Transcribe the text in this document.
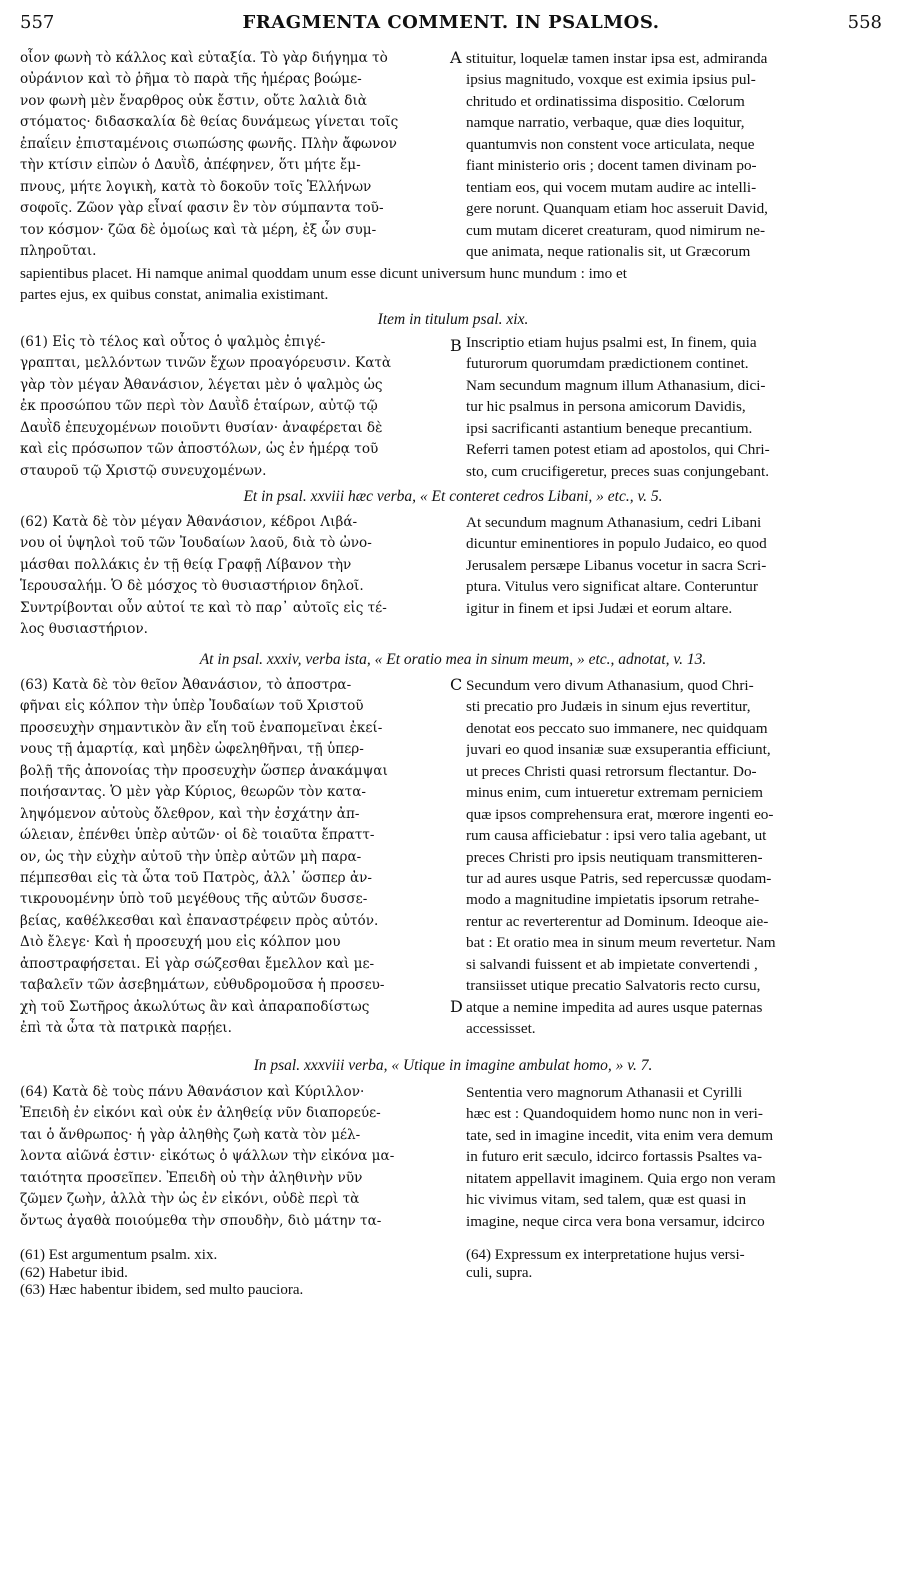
557	FRAGMENTA COMMENT. IN PSALMOS.	558
οἷον φωνὴ τὸ κάλλος καὶ εὐταξία. Τὸ γὰρ διήγημα τὸ
οὐράνιον καὶ τὸ ῥῆμα τὸ παρὰ τῆς ἡμέρας βοώμε-
νον φωνὴ μὲν ἔναρθρος οὐκ ἔστιν, οὔτε λαλιὰ διὰ
στόματος· διδασκαλία δὲ θείας δυνάμεως γίνεται τοῖς
ἐπαΐειν ἐπισταμένοις σιωπώσης φωνῆς. Πλὴν ἄφωνον
τὴν κτίσιν εἰπὼν ὁ Δαυῒδ, ἀπέφηνεν, ὅτι μήτε ἔμ-
πνους, μήτε λογικὴ, κατὰ τὸ δοκοῦν τοῖς Ἑλλήνων
σοφοῖς. Ζῶον γὰρ εἶναί φασιν ἓν τὸν σύμπαντα τοῦ-
τον κόσμον· ζῶα δὲ ὁμοίως καὶ τὰ μέρη, ἐξ ὧν συμ-
πληροῦται.
A stituitur, loquelæ tamen instar ipsa est, admiranda
ipsius magnitudo, voxque est eximia ipsius pul-
chritudo et ordinatissima dispositio. Cœlorum
namque narratio, verbaque, quæ dies loquitur,
quantumvis non constent voce articulata, neque
fiant ministerio oris ; docent tamen divinam po-
tentiam eos, qui vocem mutam audire ac intelli-
gere norunt. Quanquam etiam hoc asseruit David,
cum mutam diceret creaturam, quod nimirum ne-
que animata, neque rationalis sit, ut Græcorum
sapientibus placet. Hi namque animal quoddam unum esse dicunt universum hunc mundum : imo et
partes ejus, ex quibus constat, animalia existimant.
Item in titulum psal. xix.
(61) Εἰς τὸ τέλος καὶ οὗτος ὁ ψαλμὸς ἐπιγέ-
γραπται, μελλόντων τινῶν ἔχων προαγόρευσιν. Κατὰ
γὰρ τὸν μέγαν Ἀθανάσιον, λέγεται μὲν ὁ ψαλμὸς ὡς
ἐκ προσώπου τῶν περὶ τὸν Δαυῒδ ἑταίρων, αὐτῷ τῷ
Δαυῒδ ἐπευχομένων ποιοῦντι θυσίαν· ἀναφέρεται δὲ
καὶ εἰς πρόσωπον τῶν ἀποστόλων, ὡς ἐν ἡμέρᾳ τοῦ
σταυροῦ τῷ Χριστῷ συνευχομένων.
B Inscriptio etiam hujus psalmi est, In finem, quia
futurorum quorumdam prædictionem continet.
Nam secundum magnum illum Athanasium, dici-
tur hic psalmus in persona amicorum Davidis,
ipsi sacrificanti astantium beneque precantium.
Referri tamen potest etiam ad apostolos, qui Chri-
sto, cum crucifigeretur, preces suas conjungebant.
Et in psal. xxviii hæc verba, « Et conteret cedros Libani, » etc., v. 5.
(62) Κατὰ δὲ τὸν μέγαν Ἀθανάσιον, κέδροι Λιβά-
νου οἱ ὑψηλοὶ τοῦ τῶν Ἰουδαίων λαοῦ, διὰ τὸ ὠνο-
μάσθαι πολλάκις ἐν τῇ θείᾳ Γραφῇ Λίβανον τὴν
Ἱερουσαλήμ. Ὁ δὲ μόσχος τὸ θυσιαστήριον δηλοῖ.
Συντρίβονται οὖν αὐτοί τε καὶ τὸ παρ᾽ αὐτοῖς εἰς τέ-
λος θυσιαστήριον.
At secundum magnum Athanasium, cedri Libani
dicuntur eminentiores in populo Judaico, eo quod
Jerusalem persæpe Libanus vocetur in sacra Scri-
ptura. Vitulus vero significat altare. Conteruntur
igitur in finem et ipsi Judæi et eorum altare.
At in psal. xxxiv, verba ista, « Et oratio mea in sinum meum, » etc., adnotat, v. 13.
(63) Κατὰ δὲ τὸν θεῖον Ἀθανάσιον, τὸ ἀποστρα-
φῆναι εἰς κόλπον τὴν ὑπὲρ Ἰουδαίων τοῦ Χριστοῦ
προσευχὴν σημαντικὸν ἂν εἴη τοῦ ἐναπομεῖναι ἐκεί-
νους τῇ ἁμαρτίᾳ, καὶ μηδὲν ὠφεληθῆναι, τῇ ὑπερ-
βολῇ τῆς ἀπονοίας τὴν προσευχὴν ὥσπερ ἀνακάμψαι
ποιήσαντας. Ὁ μὲν γὰρ Κύριος, θεωρῶν τὸν κατα-
ληψόμενον αὐτοὺς ὄλεθρον, καὶ τὴν ἐσχάτην ἀπ-
ώλειαν, ἐπένθει ὑπὲρ αὐτῶν· οἱ δὲ τοιαῦτα ἔπραττ-
ον, ὡς τὴν εὐχὴν αὐτοῦ τὴν ὑπὲρ αὐτῶν μὴ παρα-
πέμπεσθαι εἰς τὰ ὦτα τοῦ Πατρὸς, ἀλλ᾽ ὥσπερ ἀν-
τικρουομένην ὑπὸ τοῦ μεγέθους τῆς αὐτῶν δυσσε-
βείας, καθέλκεσθαι καὶ ἐπαναστρέφειν πρὸς αὐτόν.
Διὸ ἔλεγε· Καὶ ἡ προσευχή μου εἰς κόλπον μου
ἀποστραφήσεται. Εἰ γὰρ σώζεσθαι ἔμελλον καὶ με-
ταβαλεῖν τῶν ἀσεβημάτων, εὐθυδρομοῦσα ἡ προσευ-
χὴ τοῦ Σωτῆρος ἀκωλύτως ἂν καὶ ἀπαραποδίστως
ἐπὶ τὰ ὦτα τὰ πατρικὰ παρῄει.
C
D
Secundum vero divum Athanasium, quod Chri-
sti precatio pro Judæis in sinum ejus revertitur,
denotat eos peccato suo immanere, nec quidquam
juvari eo quod insaniæ suæ exsuperantia efficiunt,
ut preces Christi quasi retrorsum flectantur. Do-
minus enim, cum intueretur extremam perniciem
quæ ipsos comprehensura erat, mœrore ingenti eo-
rum causa afficiebatur : ipsi vero talia agebant, ut
preces Christi pro ipsis neutiquam transmitteren-
tur ad aures usque Patris, sed repercussæ quodam-
modo a magnitudine impietatis ipsorum retrahe-
rentur ac reverterentur ad Dominum. Ideoque aie-
bat : Et oratio mea in sinum meum revertetur. Nam
si salvandi fuissent et ab impietate convertendi ,
transiisset utique precatio Salvatoris recto cursu,
atque a nemine impedita ad aures usque paternas
accessisset.
In psal. xxxviii verba, « Utique in imagine ambulat homo, » v. 7.
(64) Κατὰ δὲ τοὺς πάνυ Ἀθανάσιον καὶ Κύριλλον·
Ἐπειδὴ ἐν εἰκόνι καὶ οὐκ ἐν ἀληθείᾳ νῦν διαπορεύε-
ται ὁ ἄνθρωπος· ἡ γὰρ ἀληθὴς ζωὴ κατὰ τὸν μέλ-
λοντα αἰῶνά ἐστιν· εἰκότως ὁ ψάλλων τὴν εἰκόνα μα-
ταιότητα προσεῖπεν. Ἐπειδὴ οὐ τὴν ἀληθινὴν νῦν
ζῶμεν ζωὴν, ἀλλὰ τὴν ὡς ἐν εἰκόνι, οὐδὲ περὶ τὰ
ὄντως ἀγαθὰ ποιούμεθα τὴν σπουδὴν, διὸ μάτην τα-
Sententia vero magnorum Athanasii et Cyrilli
hæc est : Quandoquidem homo nunc non in veri-
tate, sed in imagine incedit, vita enim vera demum
in futuro erit sæculo, idcirco fortassis Psaltes va-
nitatem appellavit imaginem. Quia ergo non veram
hic vivimus vitam, sed talem, quæ est quasi in
imagine, neque circa vera bona versamur, idcirco
(61) Est argumentum psalm. xix.
(62) Habetur ibid.
(63) Hæc habentur ibidem, sed multo pauciora.
(64) Expressum ex interpretatione hujus versi-
culi, supra.
